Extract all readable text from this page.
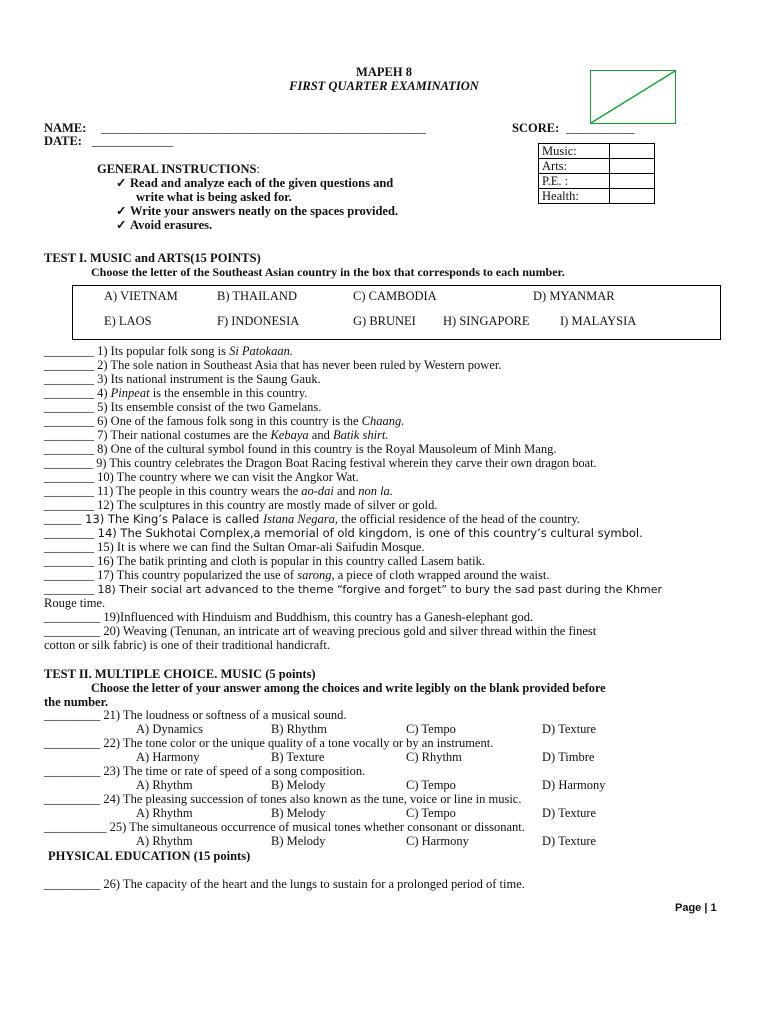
MAPEH 8
FIRST QUARTER EXAMINATION
NAME: ____________________________________________________	SCORE: ___________
DATE: _____________
Music:	
Arts:	
P.E. :	
Health:	
GENERAL INSTRUCTIONS:
✓ Read and analyze each of the given questions and
write what is being asked for.
✓ Write your answers neatly on the spaces provided.
✓ Avoid erasures.
TEST I. MUSIC and ARTS(15 POINTS)
Choose the letter of the Southeast Asian country in the box that corresponds to each number.
A) VIETNAM	B) THAILAND	C) CAMBODIA	D) MYANMAR
E) LAOS	F) INDONESIA	G) BRUNEI H) SINGAPORE I) MALAYSIA
________ 1) Its popular folk song is Si Patokaan.
________ 2) The sole nation in Southeast Asia that has never been ruled by Western power.
________ 3) Its national instrument is the Saung Gauk.
________ 4) Pinpeat is the ensemble in this country.
________ 5) Its ensemble consist of the two Gamelans.
________ 6) One of the famous folk song in this country is the Chaang.
________ 7) Their national costumes are the Kebaya and Batik shirt.
________ 8) One of the cultural symbol found in this country is the Royal Mausoleum of Minh Mang.
________ 9) This country celebrates the Dragon Boat Racing festival wherein they carve their own dragon boat.
________ 10) The country where we can visit the Angkor Wat.
________ 11) The people in this country wears the ao-dai and non la.
________ 12) The sculptures in this country are mostly made of silver or gold.
______ 13) The King’s Palace is called Istana Negara, the official residence of the head of the country.
________ 14) The Sukhotai Complex,a memorial of old kingdom, is one of this country’s cultural symbol.
________ 15) It is where we can find the Sultan Omar-ali Saifudin Mosque.
________ 16) The batik printing and cloth is popular in this country called Lasem batik.
________ 17) This country popularized the use of sarong, a piece of cloth wrapped around the waist.
________ 18) Their social art advanced to the theme “forgive and forget” to bury the sad past during the Khmer
Rouge time.
_________ 19)Influenced with Hinduism and Buddhism, this country has a Ganesh-elephant god.
_________ 20) Weaving (Tenunan, an intricate art of weaving precious gold and silver thread within the finest
cotton or silk fabric) is one of their traditional handicraft.
TEST II. MULTIPLE CHOICE. MUSIC (5 points)
Choose the letter of your answer among the choices and write legibly on the blank provided before
the number.
_________ 21) The loudness or softness of a musical sound.
A) Dynamics	B) Rhythm	C) Tempo	D) Texture
_________ 22) The tone color or the unique quality of a tone vocally or by an instrument.
A) Harmony	B) Texture	C) Rhythm	D) Timbre
_________ 23) The time or rate of speed of a song composition.
A) Rhythm	B) Melody	C) Tempo	D) Harmony
_________ 24) The pleasing succession of tones also known as the tune, voice or line in music.
A) Rhythm	B) Melody	C) Tempo	D) Texture
__________ 25) The simultaneous occurrence of musical tones whether consonant or dissonant.
A) Rhythm	B) Melody	C) Harmony	D) Texture
PHYSICAL EDUCATION (15 points)
_________ 26) The capacity of the heart and the lungs to sustain for a prolonged period of time.
Page | 1
